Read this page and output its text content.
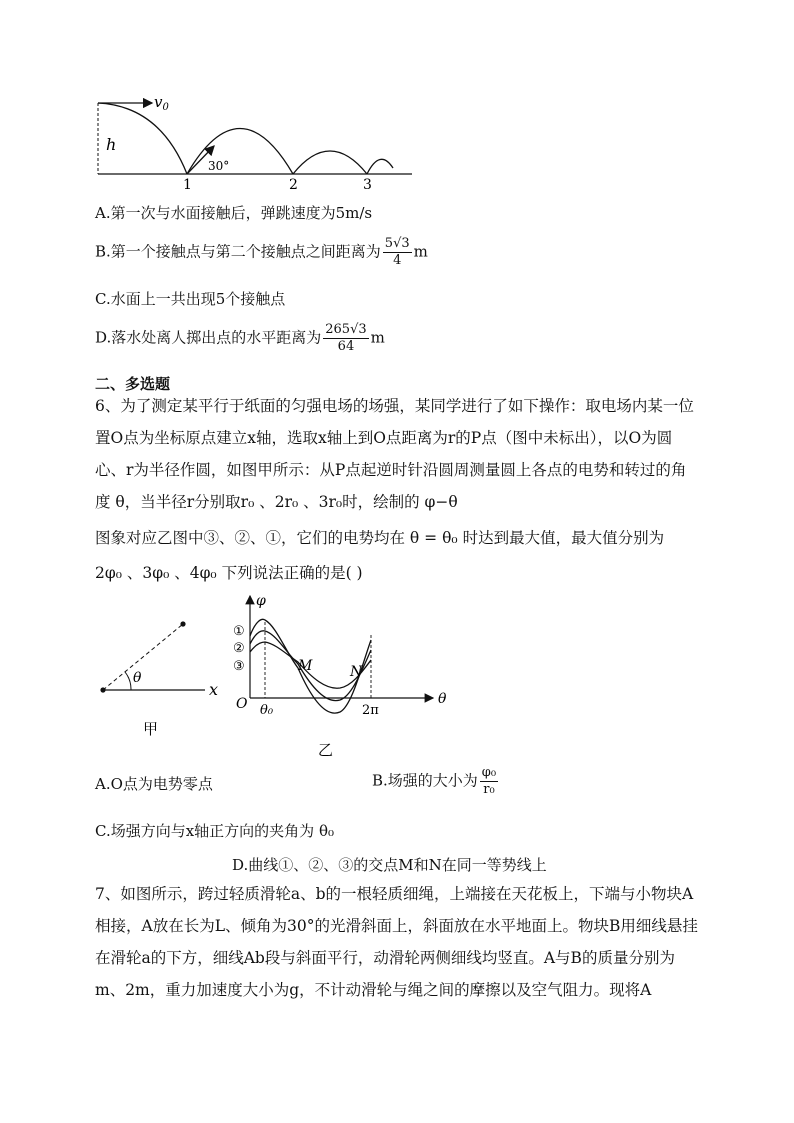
$v_0$
h
30°
1	2	3
A.第一次与水面接触后，弹跳速度为5m/s
B.第一个接触点与第二个接触点之间距离为 $\frac{5√3}{4}$ m
C.水面上一共出现5个接触点
D.落水处离人掷出点的水平距离为 $\frac{265√3}{64}$ m
二、多选题
6、为了测定某平行于纸面的匀强电场的场强，某同学进行了如下操作：取电场内某一位置O点为坐标原点建立x轴，选取x轴上到O点距离为r的P点（图中未标出），以O为圆心、r为半径作圆，如图甲所示：从P点起逆时针沿圆周测量圆上各点的电势和转过的角度 θ，当半径r分别取r₀ 、2r₀ 、3r₀时，绘制的 φ−θ
图象对应乙图中③、②、①，它们的电势均在 θ = θ₀ 时达到最大值，最大值分别为
2φ₀ 、3φ₀ 、4φ₀ 下列说法正确的是( )
θ
x
甲
①
②
③
φ
M	N
O θ₀	2π
θ
乙
A.O点为电势零点	B.场强的大小为 $\frac{\text{φ₀}}{\text{r₀}}$
C.场强方向与x轴正方向的夹角为 θ₀
D.曲线①、②、③的交点M和N在同一等势线上
7、如图所示，跨过轻质滑轮a、b的一根轻质细绳，上端接在天花板上，下端与小物块A相接，A放在长为L、倾角为30°的光滑斜面上，斜面放在水平地面上。物块B用细线悬挂在滑轮a的下方，细线Ab段与斜面平行，动滑轮两侧细线均竖直。A与B的质量分别为m、2m，重力加速度大小为g，不计动滑轮与绳之间的摩擦以及空气阻力。现将A
